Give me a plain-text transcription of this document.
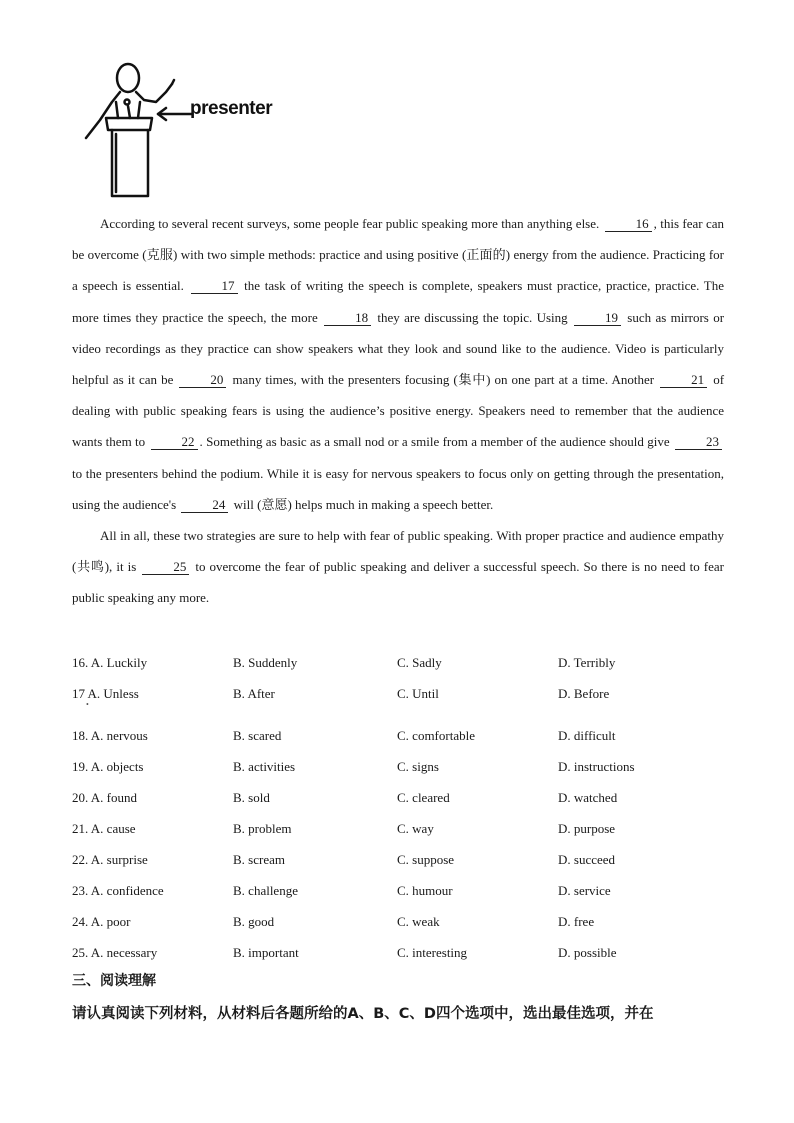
presenter

According to several recent surveys, some people fear public speaking more than anything else.	16 , this fear can be overcome (克服) with two simple methods: practice and using positive (正面的) energy from the audience. Practicing for a speech is essential.	17 the task of writing the speech is complete, speakers must practice, practice, practice. The more times they practice the speech, the more	18 they are discussing the topic. Using	19 such as mirrors or video recordings as they practice can show speakers what they look and sound like to the audience. Video is particularly helpful as it can be	20 many times, with the presenters focusing (集中) on one part at a time. Another	21 of dealing with public speaking fears is using the audience’s positive energy. Speakers need to remember that the audience wants them to	22 . Something as basic as a small nod or a smile from a member of the audience should give	23 to the presenters behind the podium. While it is easy for nervous speakers to focus only on getting through the presentation, using the audience's	24 will (意愿) helps much in making a speech better.

All in all, these two strategies are sure to help with fear of public speaking. With proper practice and audience empathy (共鸣), it is	25 to overcome the fear of public speaking and deliver a successful speech. So there is no need to fear public speaking any more.

16. A. Luckily	B. Suddenly	C. Sadly	D. Terribly
17 A. Unless	B. After	C. Until	D. Before
18. A. nervous	B. scared	C. comfortable	D. difficult
19. A. objects	B. activities	C. signs	D. instructions
20. A. found	B. sold	C. cleared	D. watched
21. A. cause	B. problem	C. way	D. purpose
22. A. surprise	B. scream	C. suppose	D. succeed
23. A. confidence	B. challenge	C. humour	D. service
24. A. poor	B. good	C. weak	D. free
25. A. necessary	B. important	C. interesting	D. possible
•
三、阅读理解
请认真阅读下列材料，从材料后各题所给的A、B、C、D四个选项中，选出最佳选项，并在
